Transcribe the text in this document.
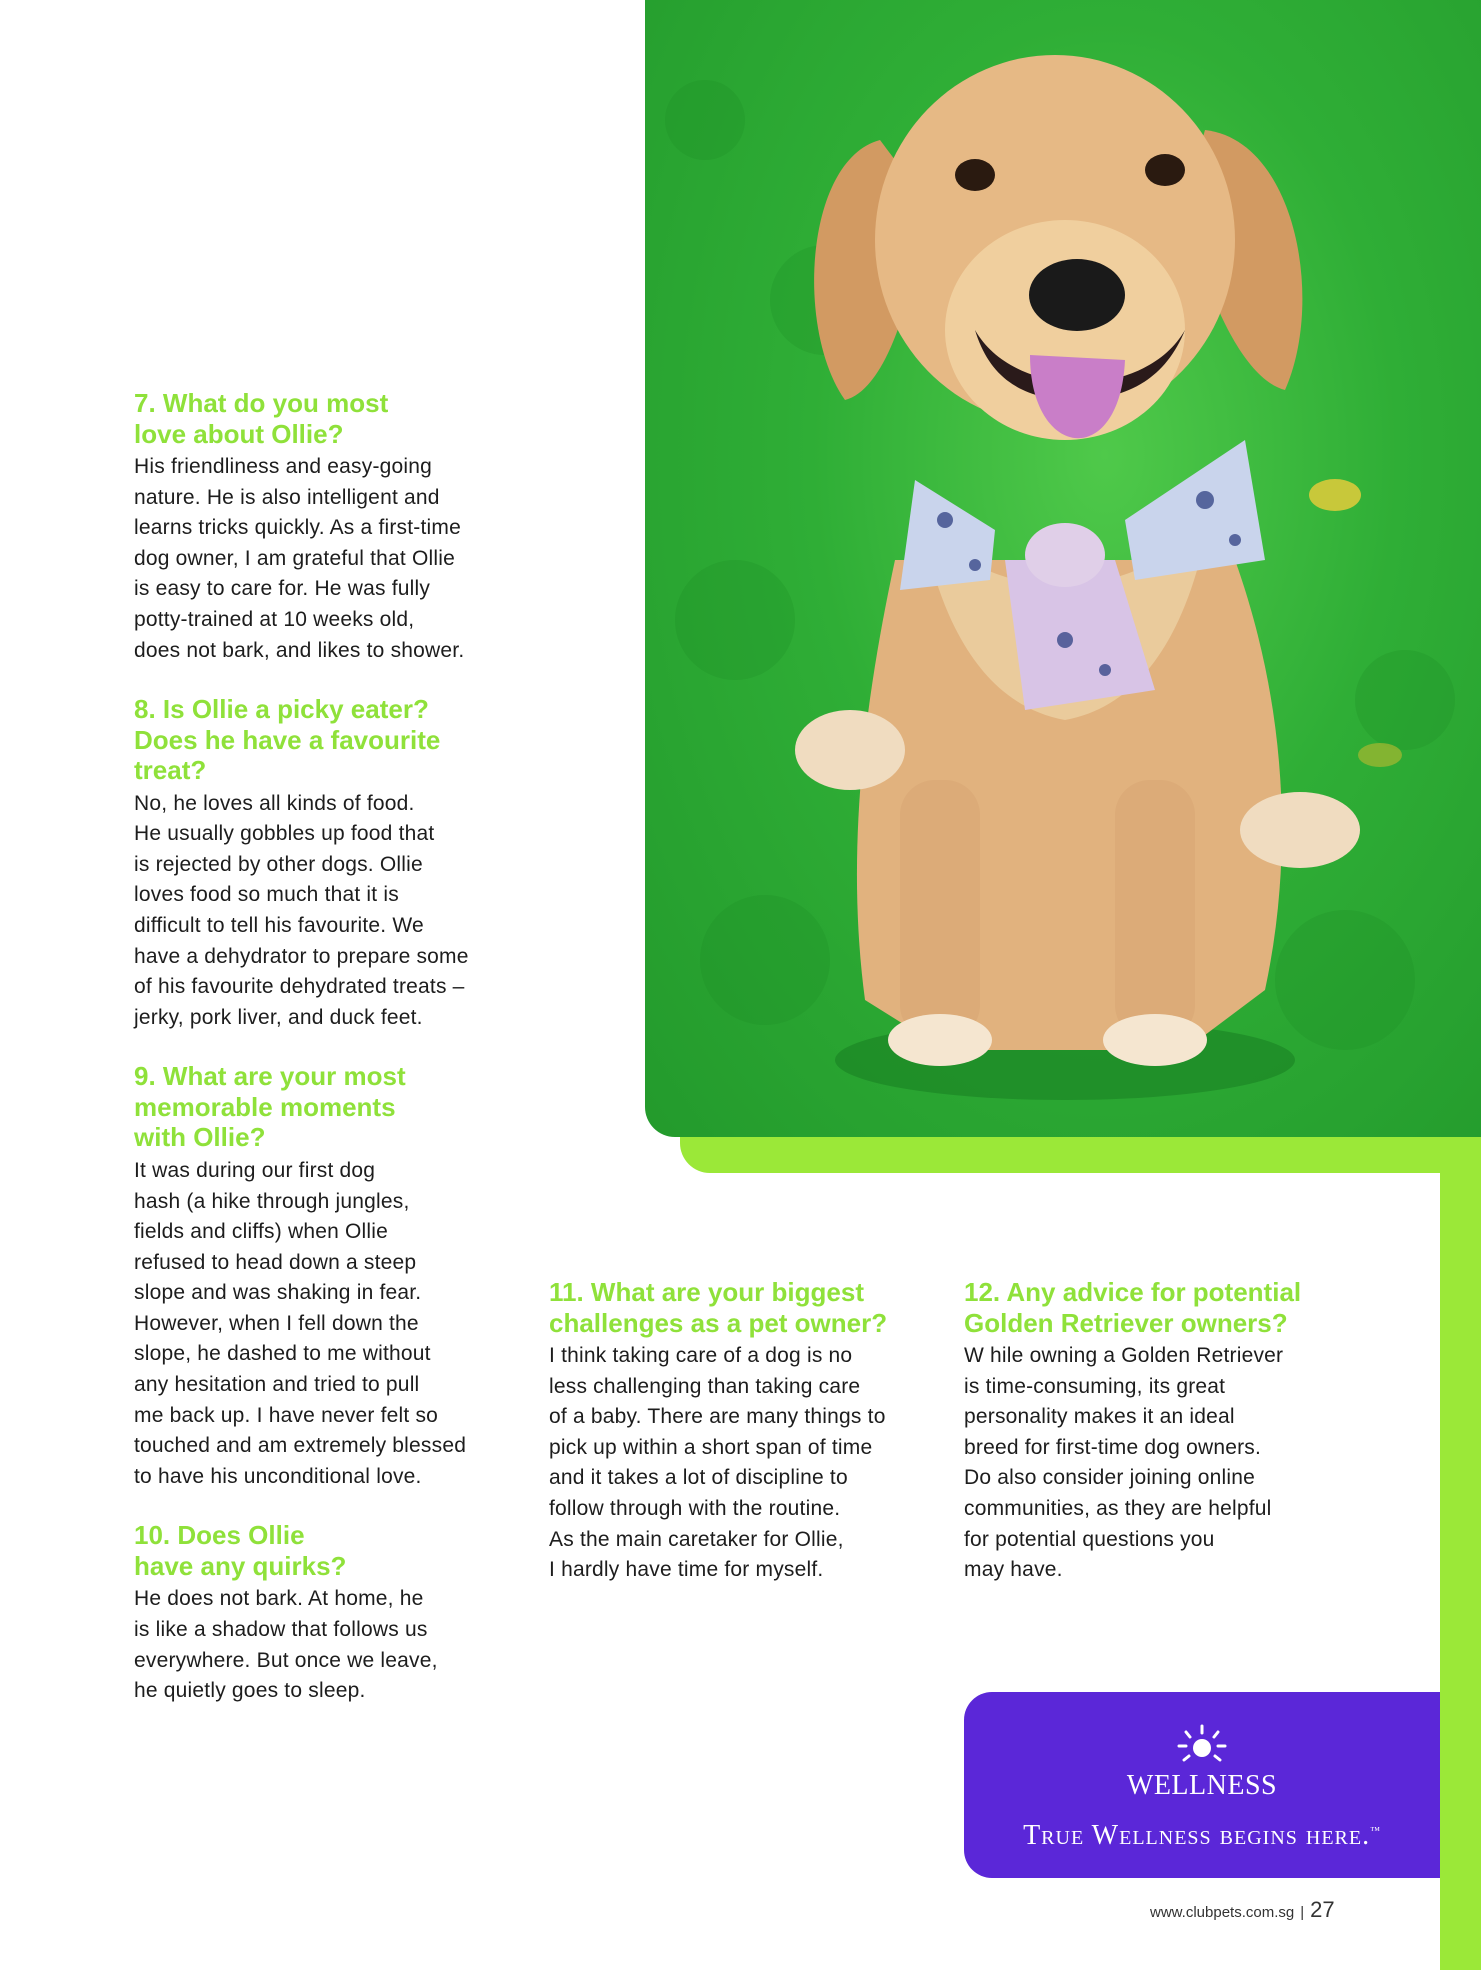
7. What do you most
love about Ollie?

His friendliness and easy-going
nature. He is also intelligent and
learns tricks quickly. As a first-time
dog owner, I am grateful that Ollie
is easy to care for. He was fully
potty-trained at 10 weeks old,
does not bark, and likes to shower.

8. Is Ollie a picky eater?
Does he have a favourite
treat?

No, he loves all kinds of food.
He usually gobbles up food that
is rejected by other dogs. Ollie
loves food so much that it is
difficult to tell his favourite. We
have a dehydrator to prepare some
of his favourite dehydrated treats –
jerky, pork liver, and duck feet.

9. What are your most
memorable moments
with Ollie?

It was during our first dog
hash (a hike through jungles,
fields and cliffs) when Ollie
refused to head down a steep
slope and was shaking in fear.
However, when I fell down the
slope, he dashed to me without
any hesitation and tried to pull
me back up. I have never felt so
touched and am extremely blessed
to have his unconditional love.

10. Does Ollie
have any quirks?

He does not bark. At home, he
is like a shadow that follows us
everywhere. But once we leave,
he quietly goes to sleep.

11. What are your biggest
challenges as a pet owner?

I think taking care of a dog is no
less challenging than taking care
of a baby. There are many things to
pick up within a short span of time
and it takes a lot of discipline to
follow through with the routine.
As the main caretaker for Ollie,
I hardly have time for myself.

12. Any advice for potential
Golden Retriever owners?

W hile owning a Golden Retriever
is time-consuming, its great
personality makes it an ideal
breed for first-time dog owners.
Do also consider joining online
communities, as they are helpful
for potential questions you
may have.

WELLNESS
True Wellness begins here.™
www.clubpets.com.sg | 27
